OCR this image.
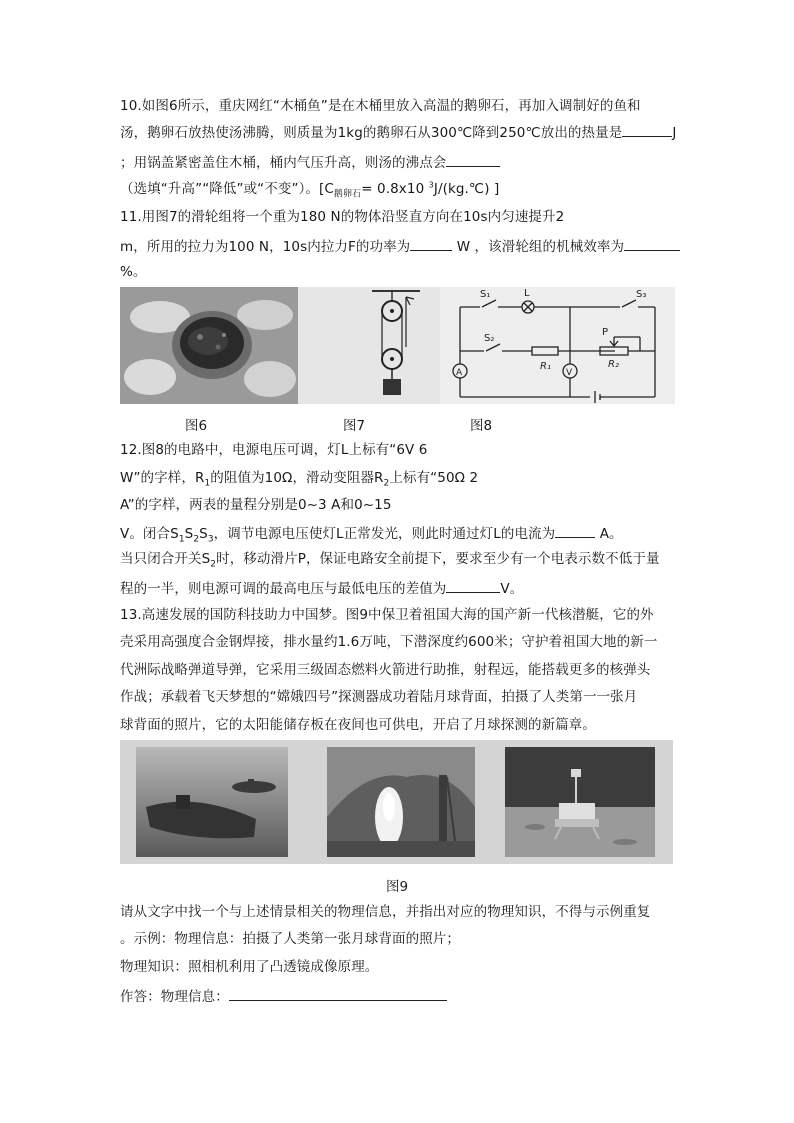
10.如图6所示，重庆网红“木桶鱼”是在木桶里放入高温的鹅卵石，再加入调制好的鱼和
汤，鹅卵石放热使汤沸腾，则质量为1kg的鹅卵石从300℃降到250℃放出的热量是	J
；用锅盖紧密盖住木桶，桶内气压升高，则汤的沸点会
（选填“升高”“降低”或“不变”）。[$C_{鹅卵石}= 0.8x10$ $^3$J/(kg.℃) ]
11.用图7的滑轮组将一个重为180 N的物体沿竖直方向在10s内匀速提升2
m，所用的拉力为100 N，10s内拉力F的功率为	W ，该滑轮组的机械效率为
%。
S₁	L	S₃
S₂
R₁
P
R₂
A	V
图6	图7	图8
12.图8的电路中，电源电压可调，灯L上标有“6V 6
W”的字样，$R_1$的阻值为10Ω，滑动变阻器$R_2$上标有“50Ω 2
A”的字样，两表的量程分别是0~3 A和0~15
V。闭合$S_1S_2S_3$，调节电源电压使灯L正常发光，则此时通过灯L的电流为	A。
当只闭合开关$S_2$时，移动滑片P，保证电路安全前提下，要求至少有一个电表示数不低于量
程的一半，则电源可调的最高电压与最低电压的差值为	V。
13.高速发展的国防科技助力中国梦。图9中保卫着祖国大海的国产新一代核潜艇，它的外
壳采用高强度合金钢焊接，排水量约1.6万吨，下潜深度约600米；守护着祖国大地的新一
代洲际战略弹道导弹，它采用三级固态燃料火箭进行助推，射程远，能搭载更多的核弹头
作战；承载着飞天梦想的“嫦娥四号”探测器成功着陆月球背面，拍摄了人类第一一张月
球背面的照片，它的太阳能储存板在夜间也可供电，开启了月球探测的新篇章。
图9
请从文字中找一个与上述情景相关的物理信息，并指出对应的物理知识，不得与示例重复
。示例：物理信息：拍摄了人类第一张月球背面的照片；
物理知识：照相机利用了凸透镜成像原理。
作答：物理信息：
